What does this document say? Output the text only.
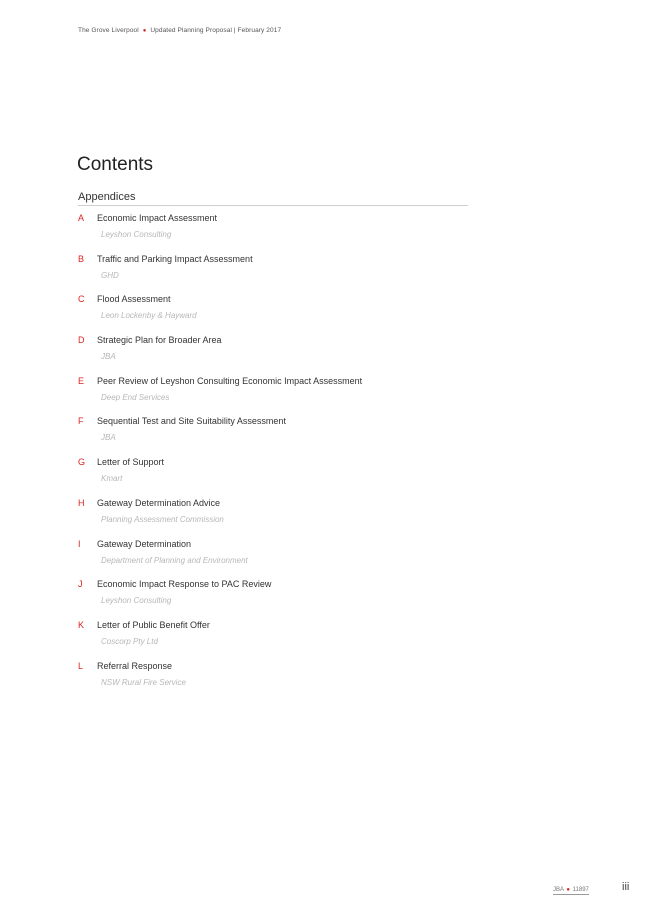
The Grove Liverpool ● Updated Planning Proposal | February 2017
Contents
Appendices
A Economic Impact Assessment
Leyshon Consulting
B Traffic and Parking Impact Assessment
GHD
C Flood Assessment
Leon Lockenby & Hayward
D Strategic Plan for Broader Area
JBA
E Peer Review of Leyshon Consulting Economic Impact Assessment
Deep End Services
F Sequential Test and Site Suitability Assessment
JBA
G Letter of Support
Kmart
H Gateway Determination Advice
Planning Assessment Commission
I Gateway Determination
Department of Planning and Environment
J Economic Impact Response to PAC Review
Leyshon Consulting
K Letter of Public Benefit Offer
Coscorp Pty Ltd
L Referral Response
NSW Rural Fire Service
JBA ● 11897	iii
